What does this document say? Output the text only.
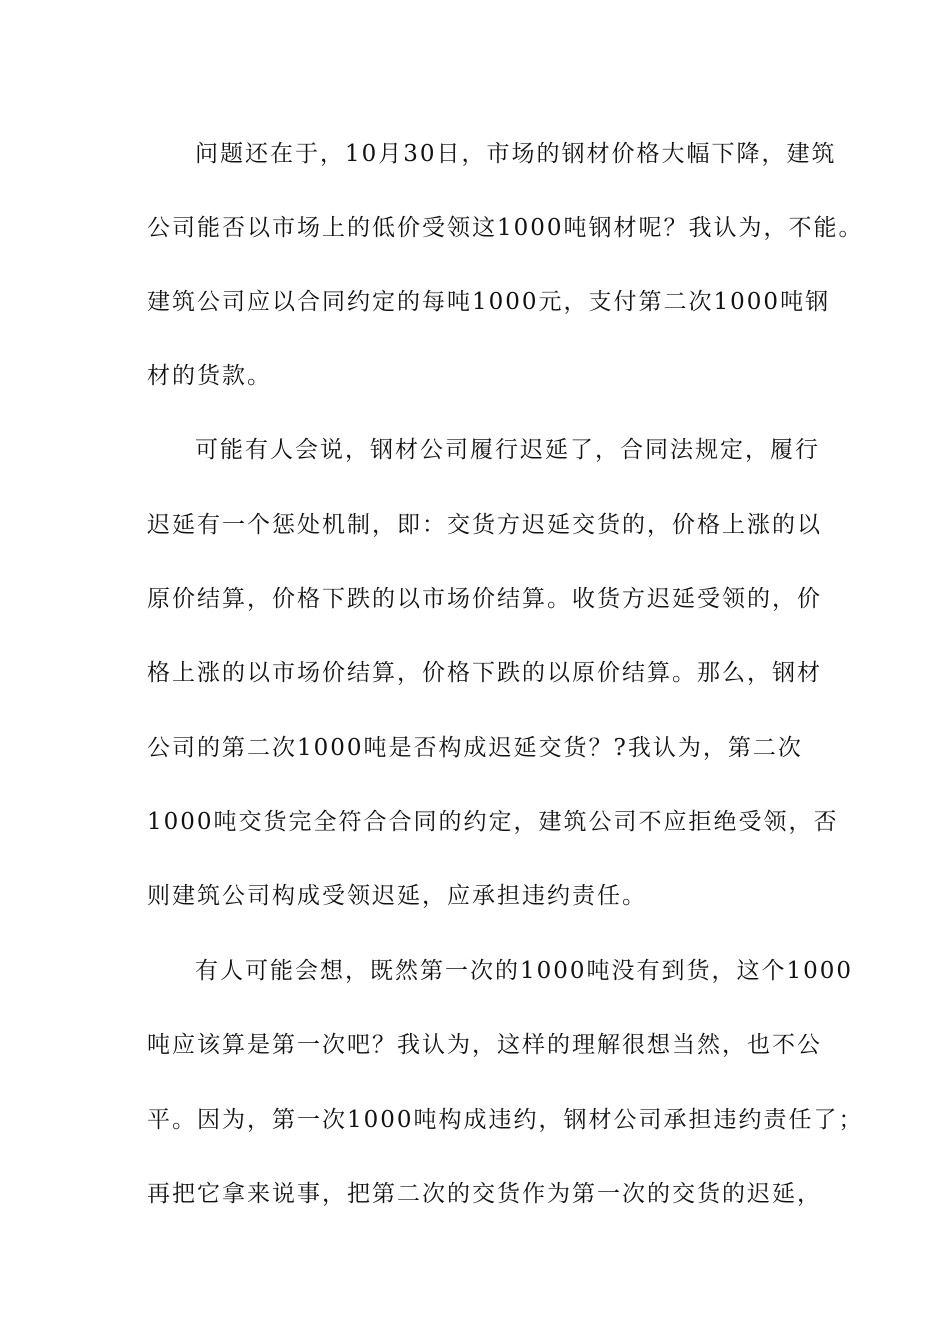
问题还在于，10月30日，市场的钢材价格大幅下降，建筑
公司能否以市场上的低价受领这1000吨钢材呢？我认为，不能。
建筑公司应以合同约定的每吨1000元，支付第二次1000吨钢
材的货款。
可能有人会说，钢材公司履行迟延了，合同法规定，履行
迟延有一个惩处机制，即：交货方迟延交货的，价格上涨的以
原价结算，价格下跌的以市场价结算。收货方迟延受领的，价
格上涨的以市场价结算，价格下跌的以原价结算。那么，钢材
公司的第二次1000吨是否构成迟延交货？?我认为，第二次
1000吨交货完全符合合同的约定，建筑公司不应拒绝受领，否
则建筑公司构成受领迟延，应承担违约责任。
有人可能会想，既然第一次的1000吨没有到货，这个1000
吨应该算是第一次吧？我认为，这样的理解很想当然，也不公
平。因为，第一次1000吨构成违约，钢材公司承担违约责任了；
再把它拿来说事，把第二次的交货作为第一次的交货的迟延，
